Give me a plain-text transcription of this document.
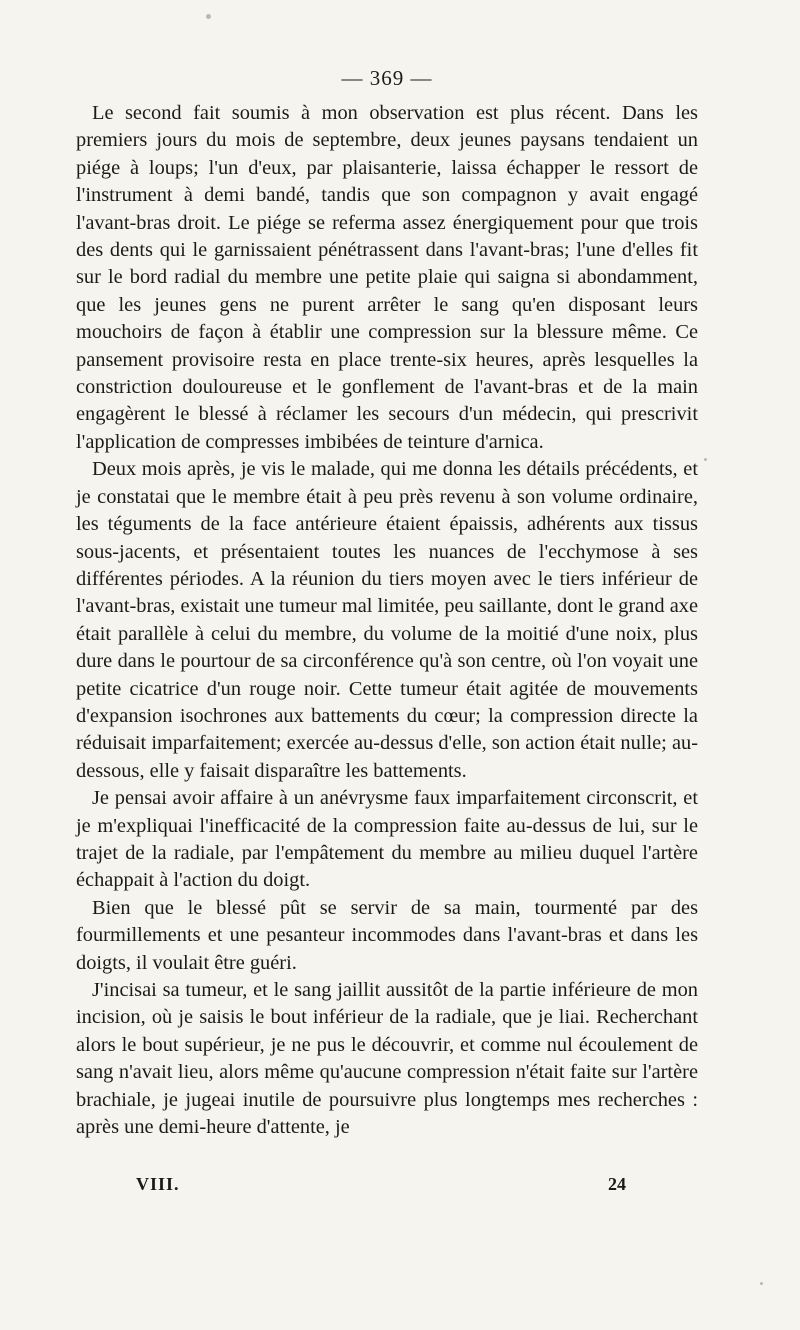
— 369 —

Le second fait soumis à mon observation est plus récent. Dans les premiers jours du mois de septembre, deux jeunes paysans tendaient un piége à loups; l'un d'eux, par plaisanterie, laissa échapper le ressort de l'instrument à demi bandé, tandis que son compagnon y avait engagé l'avant-bras droit. Le piége se referma assez énergiquement pour que trois des dents qui le garnissaient pénétrassent dans l'avant-bras; l'une d'elles fit sur le bord radial du membre une petite plaie qui saigna si abondamment, que les jeunes gens ne purent arrêter le sang qu'en disposant leurs mouchoirs de façon à établir une compression sur la blessure même. Ce pansement provisoire resta en place trente-six heures, après lesquelles la constriction douloureuse et le gonflement de l'avant-bras et de la main engagèrent le blessé à réclamer les secours d'un médecin, qui prescrivit l'application de compresses imbibées de teinture d'arnica.

Deux mois après, je vis le malade, qui me donna les détails précédents, et je constatai que le membre était à peu près revenu à son volume ordinaire, les téguments de la face antérieure étaient épaissis, adhérents aux tissus sous-jacents, et présentaient toutes les nuances de l'ecchymose à ses différentes périodes. A la réunion du tiers moyen avec le tiers inférieur de l'avant-bras, existait une tumeur mal limitée, peu saillante, dont le grand axe était parallèle à celui du membre, du volume de la moitié d'une noix, plus dure dans le pourtour de sa circonférence qu'à son centre, où l'on voyait une petite cicatrice d'un rouge noir. Cette tumeur était agitée de mouvements d'expansion isochrones aux battements du cœur; la compression directe la réduisait imparfaitement; exercée au-dessus d'elle, son action était nulle; au-dessous, elle y faisait disparaître les battements.

Je pensai avoir affaire à un anévrysme faux imparfaitement circonscrit, et je m'expliquai l'inefficacité de la compression faite au-dessus de lui, sur le trajet de la radiale, par l'empâtement du membre au milieu duquel l'artère échappait à l'action du doigt.

Bien que le blessé pût se servir de sa main, tourmenté par des fourmillements et une pesanteur incommodes dans l'avant-bras et dans les doigts, il voulait être guéri.

J'incisai sa tumeur, et le sang jaillit aussitôt de la partie inférieure de mon incision, où je saisis le bout inférieur de la radiale, que je liai. Recherchant alors le bout supérieur, je ne pus le découvrir, et comme nul écoulement de sang n'avait lieu, alors même qu'aucune compression n'était faite sur l'artère brachiale, je jugeai inutile de poursuivre plus longtemps mes recherches : après une demi-heure d'attente, je

VIII.	24
